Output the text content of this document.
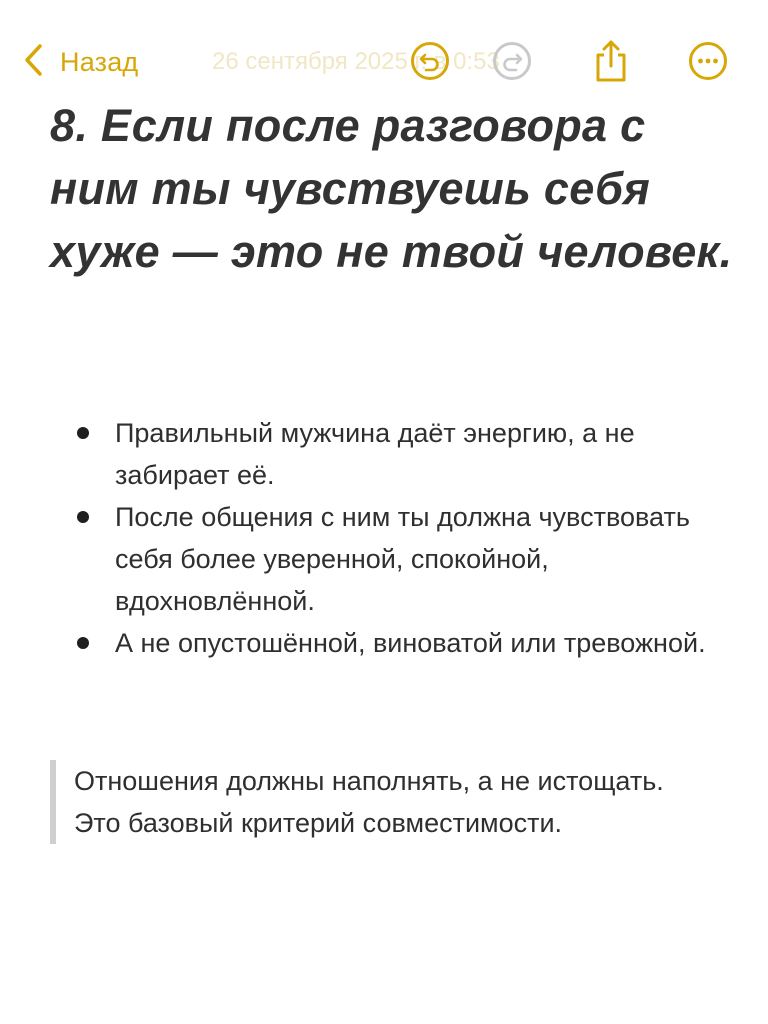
Назад	26 сентября 2025 г. в 0:53
8. Если после разговора с ним ты чувствуешь себя хуже — это не твой человек.
Правильный мужчина даёт энергию, а не забирает её.
После общения с ним ты должна чувствовать себя более уверенной, спокойной, вдохновлённой.
А не опустошённой, виноватой или тревожной.
Отношения должны наполнять, а не истощать. Это базовый критерий совместимости.
